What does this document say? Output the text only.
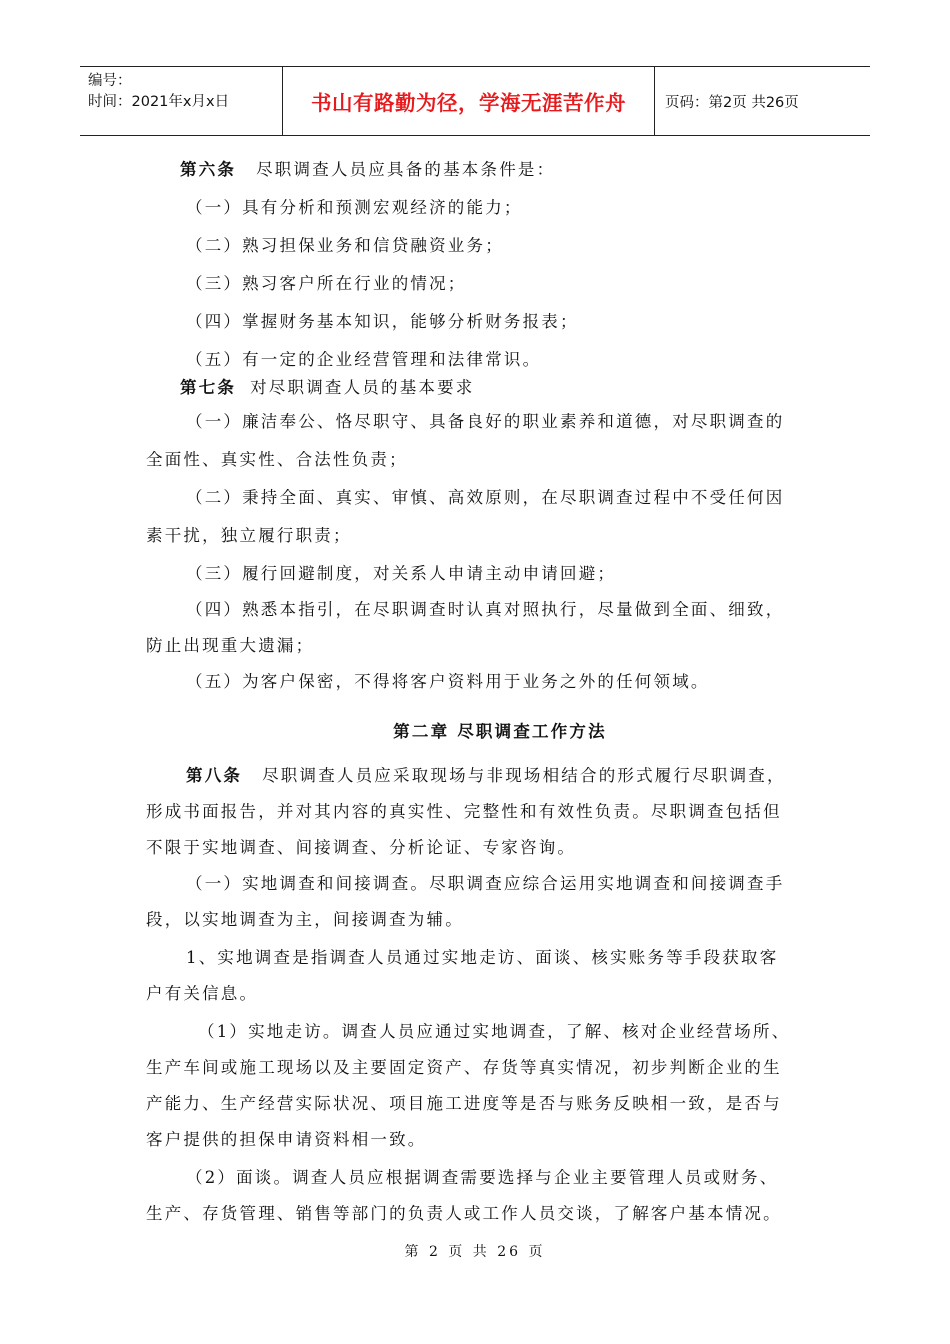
编号：
时间：2021年x月x日	书山有路勤为径，学海无涯苦作舟	页码：第2页 共26页
第六条 尽职调查人员应具备的基本条件是：
（一）具有分析和预测宏观经济的能力；
（二）熟习担保业务和信贷融资业务；
（三）熟习客户所在行业的情况；
（四）掌握财务基本知识，能够分析财务报表；
（五）有一定的企业经营管理和法律常识。
第七条 对尽职调查人员的基本要求
（一）廉洁奉公、恪尽职守、具备良好的职业素养和道德，对尽职调查的
全面性、真实性、合法性负责；
（二）秉持全面、真实、审慎、高效原则，在尽职调查过程中不受任何因
素干扰，独立履行职责；
（三）履行回避制度，对关系人申请主动申请回避；
（四）熟悉本指引，在尽职调查时认真对照执行，尽量做到全面、细致，
防止出现重大遗漏；
（五）为客户保密，不得将客户资料用于业务之外的任何领域。
第二章 尽职调查工作方法
第八条 尽职调查人员应采取现场与非现场相结合的形式履行尽职调查，
形成书面报告，并对其内容的真实性、完整性和有效性负责。尽职调查包括但
不限于实地调查、间接调查、分析论证、专家咨询。
（一）实地调查和间接调查。尽职调查应综合运用实地调查和间接调查手
段，以实地调查为主，间接调查为辅。
1、实地调查是指调查人员通过实地走访、面谈、核实账务等手段获取客
户有关信息。
（1）实地走访。调查人员应通过实地调查，了解、核对企业经营场所、
生产车间或施工现场以及主要固定资产、存货等真实情况，初步判断企业的生
产能力、生产经营实际状况、项目施工进度等是否与账务反映相一致，是否与
客户提供的担保申请资料相一致。
（2）面谈。调查人员应根据调查需要选择与企业主要管理人员或财务、
生产、存货管理、销售等部门的负责人或工作人员交谈，了解客户基本情况。
第 2 页 共 26 页
